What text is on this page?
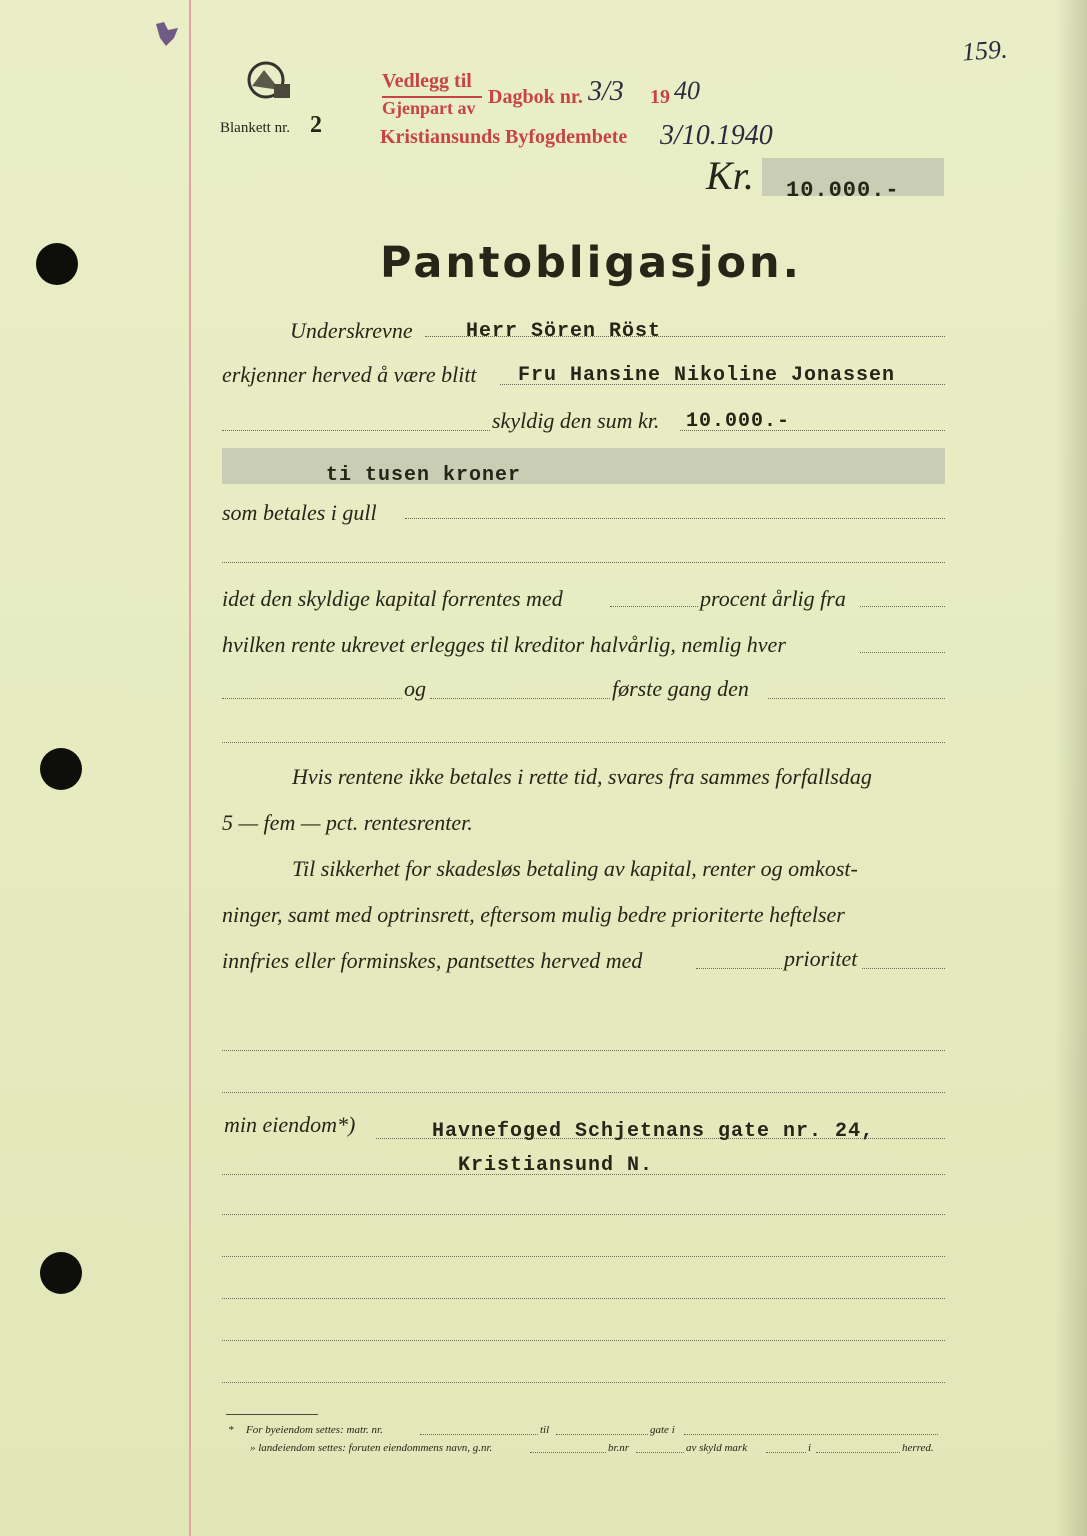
159.
Blankett nr. 2
Vedlegg til
Gjenpart av Dagbok nr. 3/3 19 40
Kristiansunds Byfogdembete 3/10.1940
Kr. 10.000.-
Pantobligasjon.
Underskrevne	Herr Sören Röst
erkjenner herved å være blitt Fru Hansine Nikoline Jonassen
skyldig den sum kr. 10.000.-
ti tusen kroner
som betales i gull
idet den skyldige kapital forrentes med	procent årlig fra
hvilken rente ukrevet erlegges til kreditor halvårlig, nemlig hver
og	første gang den
Hvis rentene ikke betales i rette tid, svares fra sammes forfallsdag
5 — fem — pct. rentesrenter.
Til sikkerhet for skadesløs betaling av kapital, renter og omkost-
ninger, samt med optrinsrett, eftersom mulig bedre prioriterte heftelser
innfries eller forminskes, pantsettes herved med	prioritet
min eiendom*)	Havnefoged Schjetnans gate nr. 24,
Kristiansund N.
* For byeiendom settes: matr. nr.	til	gate i
» landeiendom settes: foruten eiendommens navn, g.nr.	br.nr	av skyld mark	i	herred.
